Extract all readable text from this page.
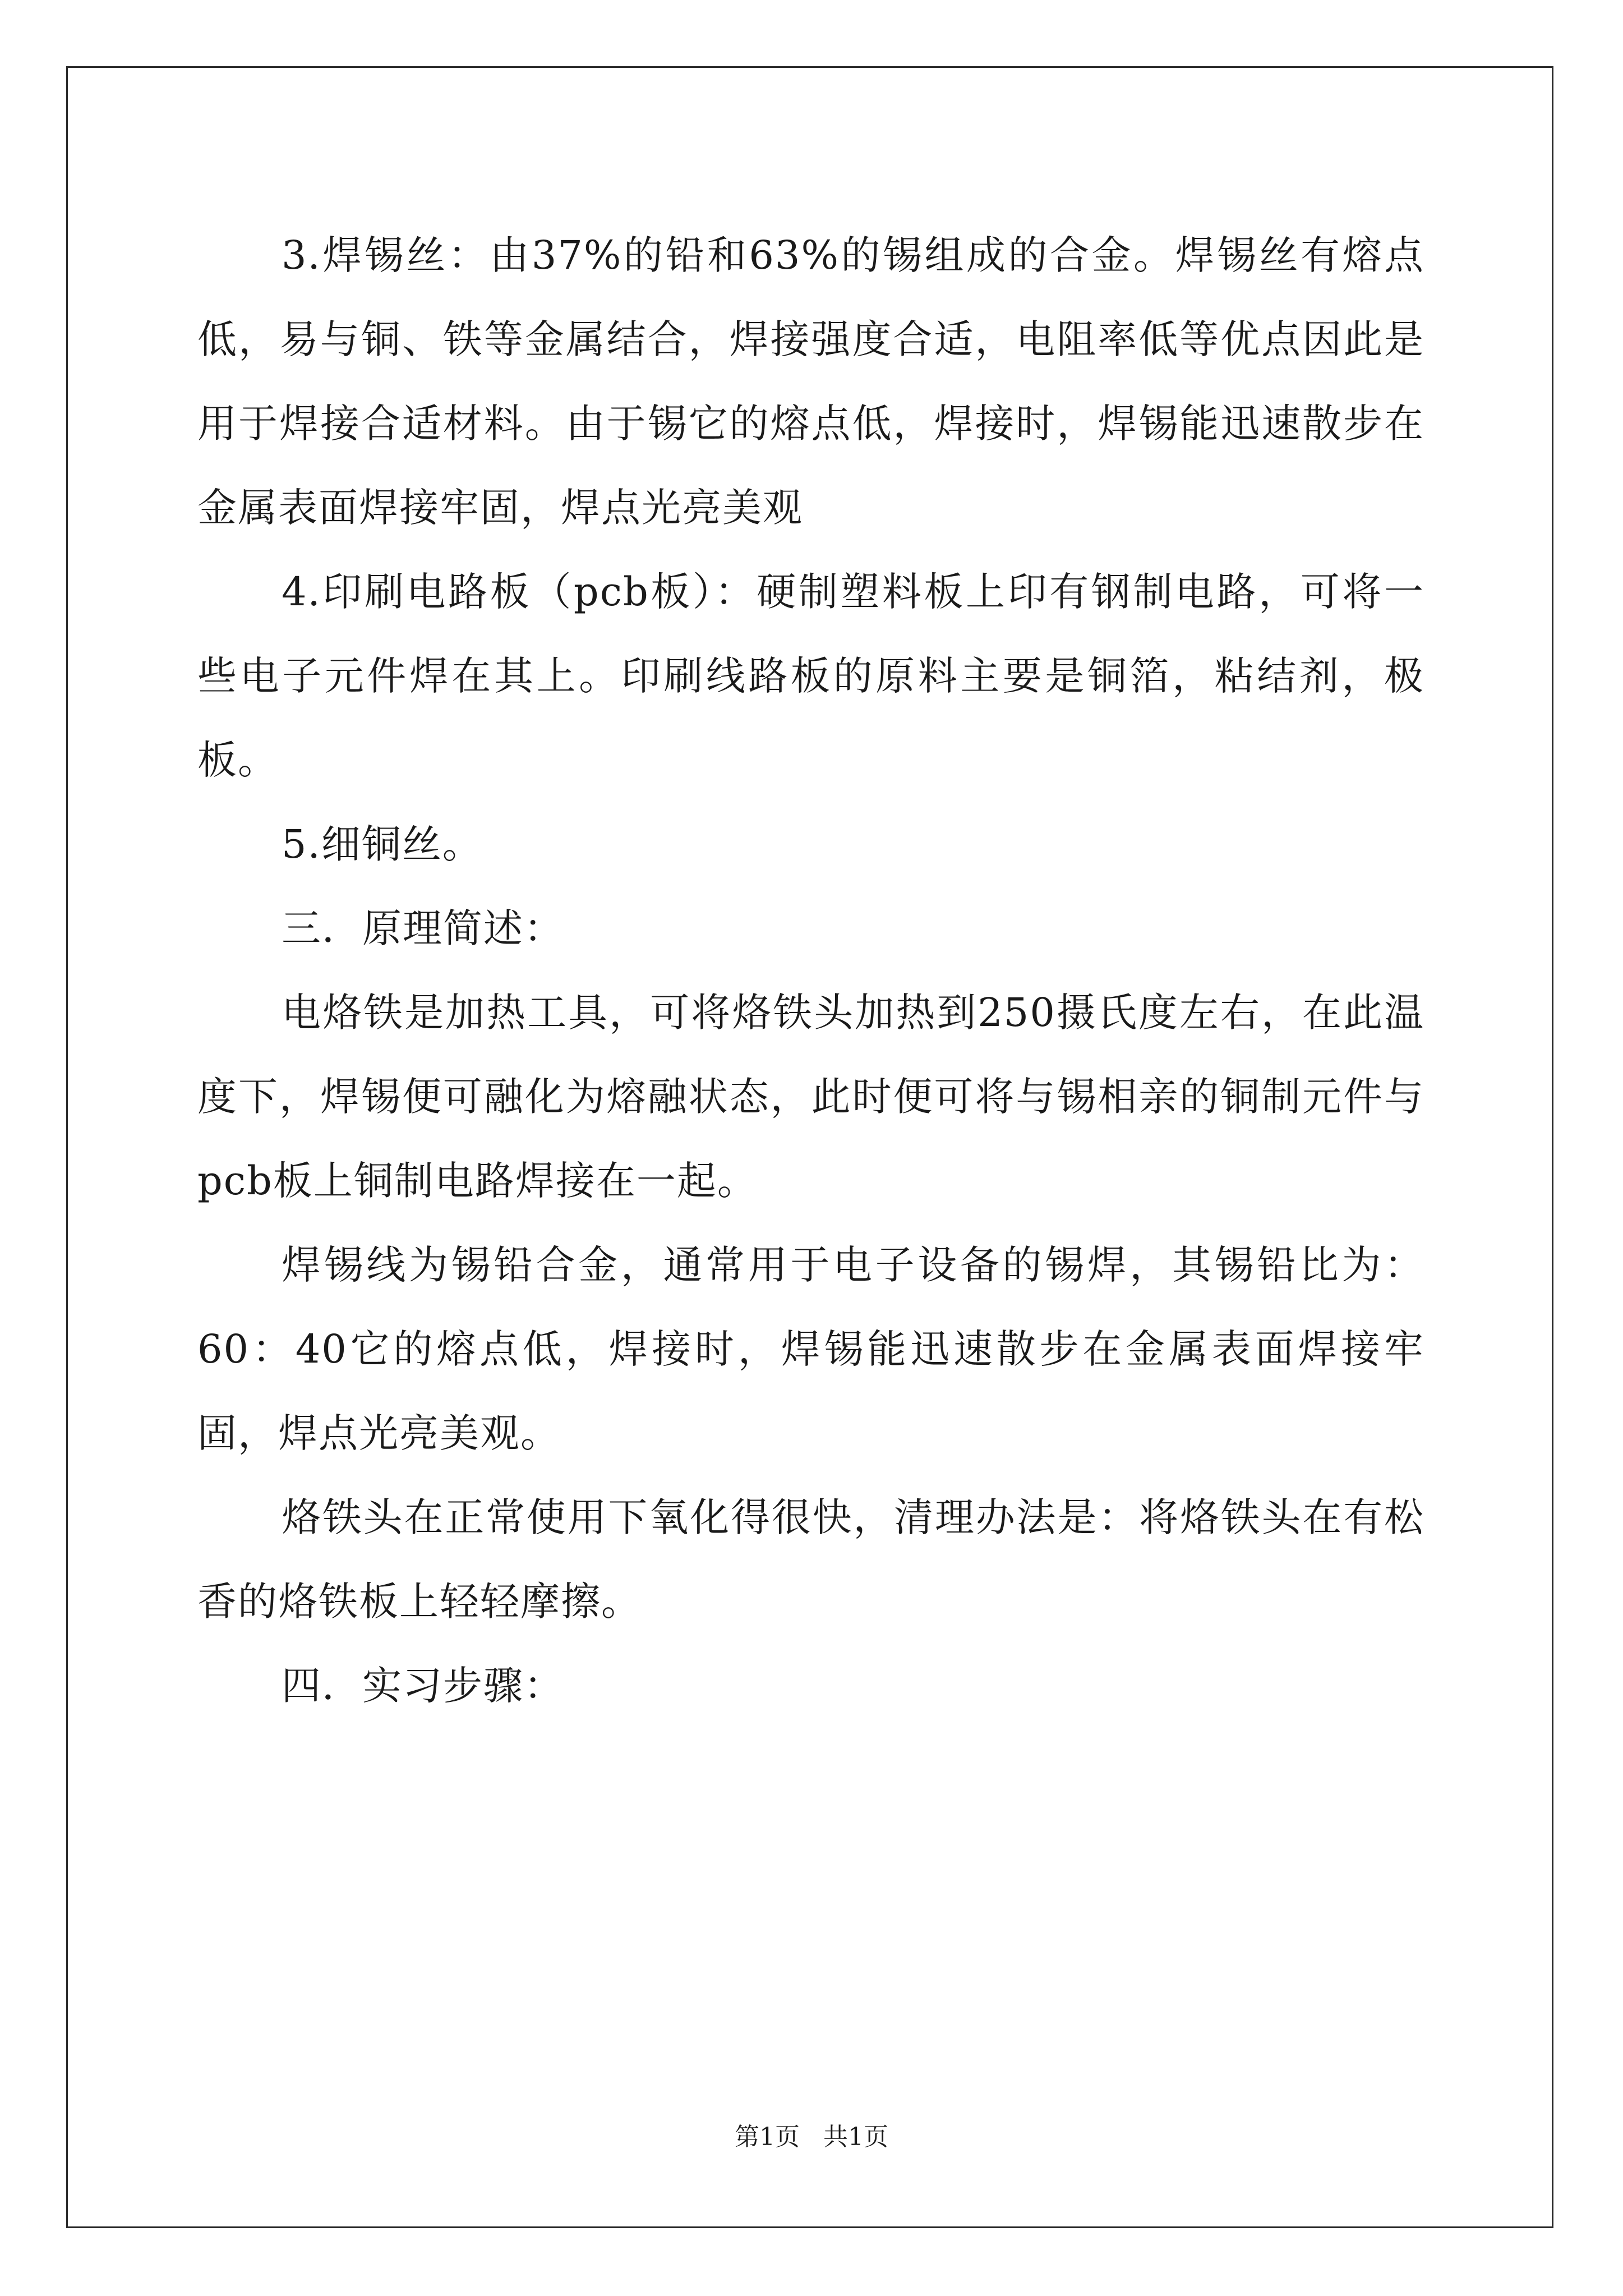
3.焊锡丝：由37%的铅和63%的锡组成的合金。焊锡丝有熔点低，易与铜、铁等金属结合，焊接强度合适，电阻率低等优点因此是用于焊接合适材料。由于锡它的熔点低，焊接时，焊锡能迅速散步在金属表面焊接牢固，焊点光亮美观

4.印刷电路板（pcb板）：硬制塑料板上印有钢制电路，可将一些电子元件焊在其上。印刷线路板的原料主要是铜箔，粘结剂，极板。

5.细铜丝。

三．原理简述：

电烙铁是加热工具，可将烙铁头加热到250摄氏度左右，在此温度下，焊锡便可融化为熔融状态，此时便可将与锡相亲的铜制元件与pcb板上铜制电路焊接在一起。

焊锡线为锡铅合金，通常用于电子设备的锡焊，其锡铅比为：60：40它的熔点低，焊接时，焊锡能迅速散步在金属表面焊接牢固，焊点光亮美观。

烙铁头在正常使用下氧化得很快，清理办法是：将烙铁头在有松香的烙铁板上轻轻摩擦。

四．实习步骤：

第1页 共1页
